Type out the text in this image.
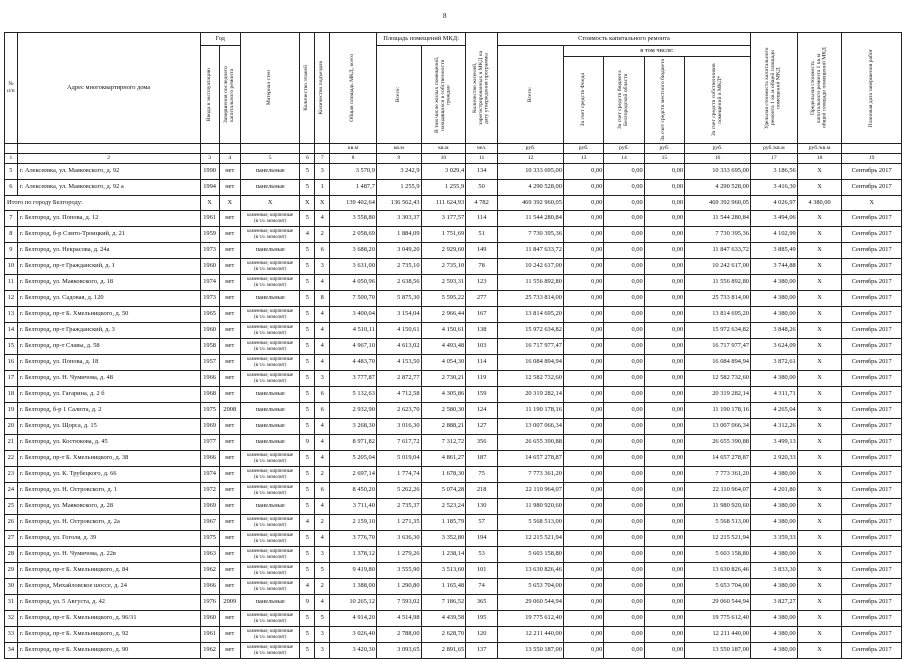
8
№ п/п	Адрес многоквартирного дома	Год		Материал стен	Количество этажей	Количество подъездов	Общая площадь МКД, всего	Площадь помещений МКД:		Количество жителей, зарегистрированных в МКД на дату утверждения программы	Стоимость капитального ремонта					Удельная стоимость капитального ремонта 1 кв.м общей площади помещений МКД	Предельная стоимость капитального ремонта 1 кв.м общей площади помещений МКД	Плановая дата завершения работ

		Ввода в эксплуатацию	Завершения последнего капитального ремонта					Всего:	В том числе жилых помещений, находящихся в собственности граждан		Всего:	в том числе:						

												За счет средств Фонда	За счет средств бюджета Белгородской области	За счет средств местного бюджета	За счет средств собственников помещений в МКД*			

							кв.м	кв.м	кв.м	чел.	руб.	руб.	руб.	руб.	руб.	руб./кв.м	руб./кв.м	
1	2	3	4	5	6	7	8	9	10	11	12	13	14	15	16	17	18	19
5	г. Алексеевка, ул. Маяковского, д. 92	1990	нет	панельные	5	3	3 570,9	3 242,9	3 029,4	134	10 333 695,00	0,00	0,00	0,00	10 333 695,00	3 186,56	X	Сентябрь 2017
6	г. Алексеевка, ул. Маяковского, д. 92 а	1994	нет	панельные	5	1	1 487,7	1 255,9	1 255,9	50	4 290 528,00	0,00	0,00	0,00	4 290 528,00	3 416,30	X	Сентябрь 2017
Итого по городу Белгороду:		X	X	X	X	X	139 402,64	136 562,43	111 624,93	4 782	469 392 960,05	0,00	0,00	0,00	469 392 960,05	4 026,97	4 380,00	X
7	г. Белгород, ул. Попова, д. 12	1961	нет	каменные, кирпичные
(в т.ч. монолит)	5	4	3 558,80	3 303,37	3 177,57	114	11 544 280,84	0,00	0,00	0,00	11 544 280,84	3 494,06	X	Сентябрь 2017
8	г. Белгород, б-р Сэмто-Троицкий, д. 21	1959	нет	каменные, кирпичные
(в т.ч. монолит)	4	2	2 058,69	1 884,09	1 751,69	51	7 730 395,36	0,00	0,00	0,00	7 730 395,36	4 102,99	X	Сентябрь 2017
9	г. Белгород, ул. Некрасова, д. 24а	1973	нет	панельные	5	6	3 688,20	3 049,20	2 929,60	149	11 847 633,72	0,00	0,00	0,00	11 847 633,72	3 885,49	X	Сентябрь 2017
10	г. Белгород, пр-т Гражданский, д. 1	1960	нет	каменные, кирпичные
(в т.ч. монолит)	5	3	3 631,00	2 735,10	2 735,10	78	10 242 617,00	0,00	0,00	0,00	10 242 617,00	3 744,88	X	Сентябрь 2017
11	г. Белгород, ул. Маяковского, д. 18	1974	нет	каменные, кирпичные
(в т.ч. монолит)	5	4	4 050,96	2 638,56	2 593,31	123	11 556 892,80	0,00	0,00	0,00	11 556 892,80	4 380,00	X	Сентябрь 2017
12	г. Белгород, ул. Садовая, д. 120	1973	нет	панельные	5	8	7 500,70	5 875,30	5 595,22	277	25 733 814,00	0,00	0,00	0,00	25 733 814,00	4 380,00	X	Сентябрь 2017
13	г. Белгород, пр-т Б. Хмельницкого, д. 50	1965	нет	каменные, кирпичные
(в т.ч. монолит)	5	4	3 400,04	3 154,04	2 966,44	167	13 814 695,20	0,00	0,00	0,00	13 814 695,20	4 380,00	X	Сентябрь 2017
14	г. Белгород, пр-т Гражданский, д. 3	1960	нет	каменные, кирпичные
(в т.ч. монолит)	5	4	4 510,11	4 150,61	4 150,61	138	15 972 634,82	0,00	0,00	0,00	15 972 634,82	3 848,26	X	Сентябрь 2017
15	г. Белгород, пр-т Славы, д. 58	1958	нет	каменные, кирпичные
(в т.ч. монолит)	5	4	4 967,10	4 613,02	4 493,48	103	16 717 977,47	0,00	0,00	0,00	16 717 977,47	3 624,09	X	Сентябрь 2017
16	г. Белгород, ул. Попова, д. 18	1957	нет	каменные, кирпичные
(в т.ч. монолит)	5	4	4 483,70	4 153,50	4 054,30	114	16 084 894,94	0,00	0,00	0,00	16 084 894,94	3 872,61	X	Сентябрь 2017
17	г. Белгород, ул. Н. Чумичова, д. 48	1966	нет	каменные, кирпичные
(в т.ч. монолит)	5	3	3 777,87	2 872,77	2 730,21	119	12 582 732,60	0,00	0,00	0,00	12 582 732,60	4 380,00	X	Сентябрь 2017
18	г. Белгород, ул. Гагарина, д. 2 б	1968	нет	панельные	5	6	5 132,63	4 712,58	4 305,86	159	20 319 282,14	0,00	0,00	0,00	20 319 282,14	4 311,71	X	Сентябрь 2017
19	г. Белгород, б-р 1 Салюта, д. 2	1975	2008	панельные	5	6	2 932,90	2 623,70	2 580,30	124	11 190 178,16	0,00	0,00	0,00	11 190 178,16	4 265,04	X	Сентябрь 2017
20	г. Белгород, ул. Щорса, д. 15	1969	нет	панельные	5	4	3 268,30	3 016,30	2 888,21	127	13 007 066,34	0,00	0,00	0,00	13 007 066,34	4 312,26	X	Сентябрь 2017
21	г. Белгород, ул. Костюкова, д. 45	1977	нет	панельные	9	4	8 971,82	7 617,72	7 312,72	356	26 655 390,88	0,00	0,00	0,00	26 655 390,88	3 499,13	X	Сентябрь 2017
22	г. Белгород, пр-т Б. Хмельницкого, д. 38	1966	нет	каменные, кирпичные
(в т.ч. монолит)	5	4	5 205,04	5 019,04	4 861,27	187	14 657 278,87	0,00	0,00	0,00	14 657 278,87	2 920,33	X	Сентябрь 2017
23	г. Белгород, ул. К. Трубецкого, д. 66	1974	нет	каменные, кирпичные
(в т.ч. монолит)	5	2	2 697,14	1 774,74	1 678,30	75	7 773 361,20	0,00	0,00	0,00	7 773 361,20	4 380,00	X	Сентябрь 2017
24	г. Белгород, ул. Н. Островского, д. 1	1972	нет	каменные, кирпичные
(в т.ч. монолит)	5	6	8 450,20	5 262,26	5 074,28	218	22 110 964,07	0,00	0,00	0,00	22 110 964,07	4 201,80	X	Сентябрь 2017
25	г. Белгород, ул. Маяковского, д. 28	1969	нет	панельные	5	4	3 711,40	2 735,37	2 523,24	130	11 980 920,60	0,00	0,00	0,00	11 980 920,60	4 380,00	X	Сентябрь 2017
26	г. Белгород, ул. Н. Островского, д. 2а	1967	нет	каменные, кирпичные
(в т.ч. монолит)	4	2	2 159,10	1 271,35	1 185,79	57	5 568 513,00	0,00	0,00	0,00	5 568 513,00	4 380,00	X	Сентябрь 2017
27	г. Белгород, ул. Гоголя, д. 39	1975	нет	каменные, кирпичные
(в т.ч. монолит)	5	4	3 776,70	3 636,30	3 352,80	194	12 215 521,94	0,00	0,00	0,00	12 215 521,94	3 359,33	X	Сентябрь 2017
28	г. Белгород, ул. Н. Чумичова, д. 22в	1963	нет	каменные, кирпичные
(в т.ч. монолит)	5	3	1 378,12	1 279,26	1 238,14	53	5 603 158,80	0,00	0,00	0,00	5 603 158,80	4 380,00	X	Сентябрь 2017
29	г. Белгород, пр-т Б. Хмельницкого, д. 84	1962	нет	каменные, кирпичные
(в т.ч. монолит)	5	5	9 419,80	3 555,90	3 513,60	101	13 630 826,46	0,00	0,00	0,00	13 630 826,46	3 833,30	X	Сентябрь 2017
30	г. Белгород, Михайловское шоссе, д. 24	1966	нет	каменные, кирпичные
(в т.ч. монолит)	4	2	1 388,00	1 290,80	1 165,48	74	5 653 704,00	0,00	0,00	0,00	5 653 704,00	4 380,00	X	Сентябрь 2017
31	г. Белгород, ул. 5 Августа, д. 42	1976	2009	панельные	9	4	10 265,12	7 593,02	7 186,52	365	29 060 544,94	0,00	0,00	0,00	29 060 544,94	3 827,27	X	Сентябрь 2017
32	г. Белгород, пр-т Б. Хмельницкого, д. 96/31	1960	нет	каменные, кирпичные
(в т.ч. монолит)	5	5	4 914,20	4 514,98	4 439,58	195	19 775 612,40	0,00	0,00	0,00	19 775 612,40	4 380,00	X	Сентябрь 2017
33	г. Белгород, пр-т Б. Хмельницкого, д. 92	1961	нет	каменные, кирпичные
(в т.ч. монолит)	5	3	3 026,40	2 788,00	2 628,70	120	12 211 440,00	0,00	0,00	0,00	12 211 440,00	4 380,00	X	Сентябрь 2017
34	г. Белгород, пр-т Б. Хмельницкого, д. 90	1962	нет	каменные, кирпичные
(в т.ч. монолит)	5	3	3 420,30	3 093,65	2 891,65	137	13 550 187,00	0,00	0,00	0,00	13 550 187,00	4 380,00	X	Сентябрь 2017
